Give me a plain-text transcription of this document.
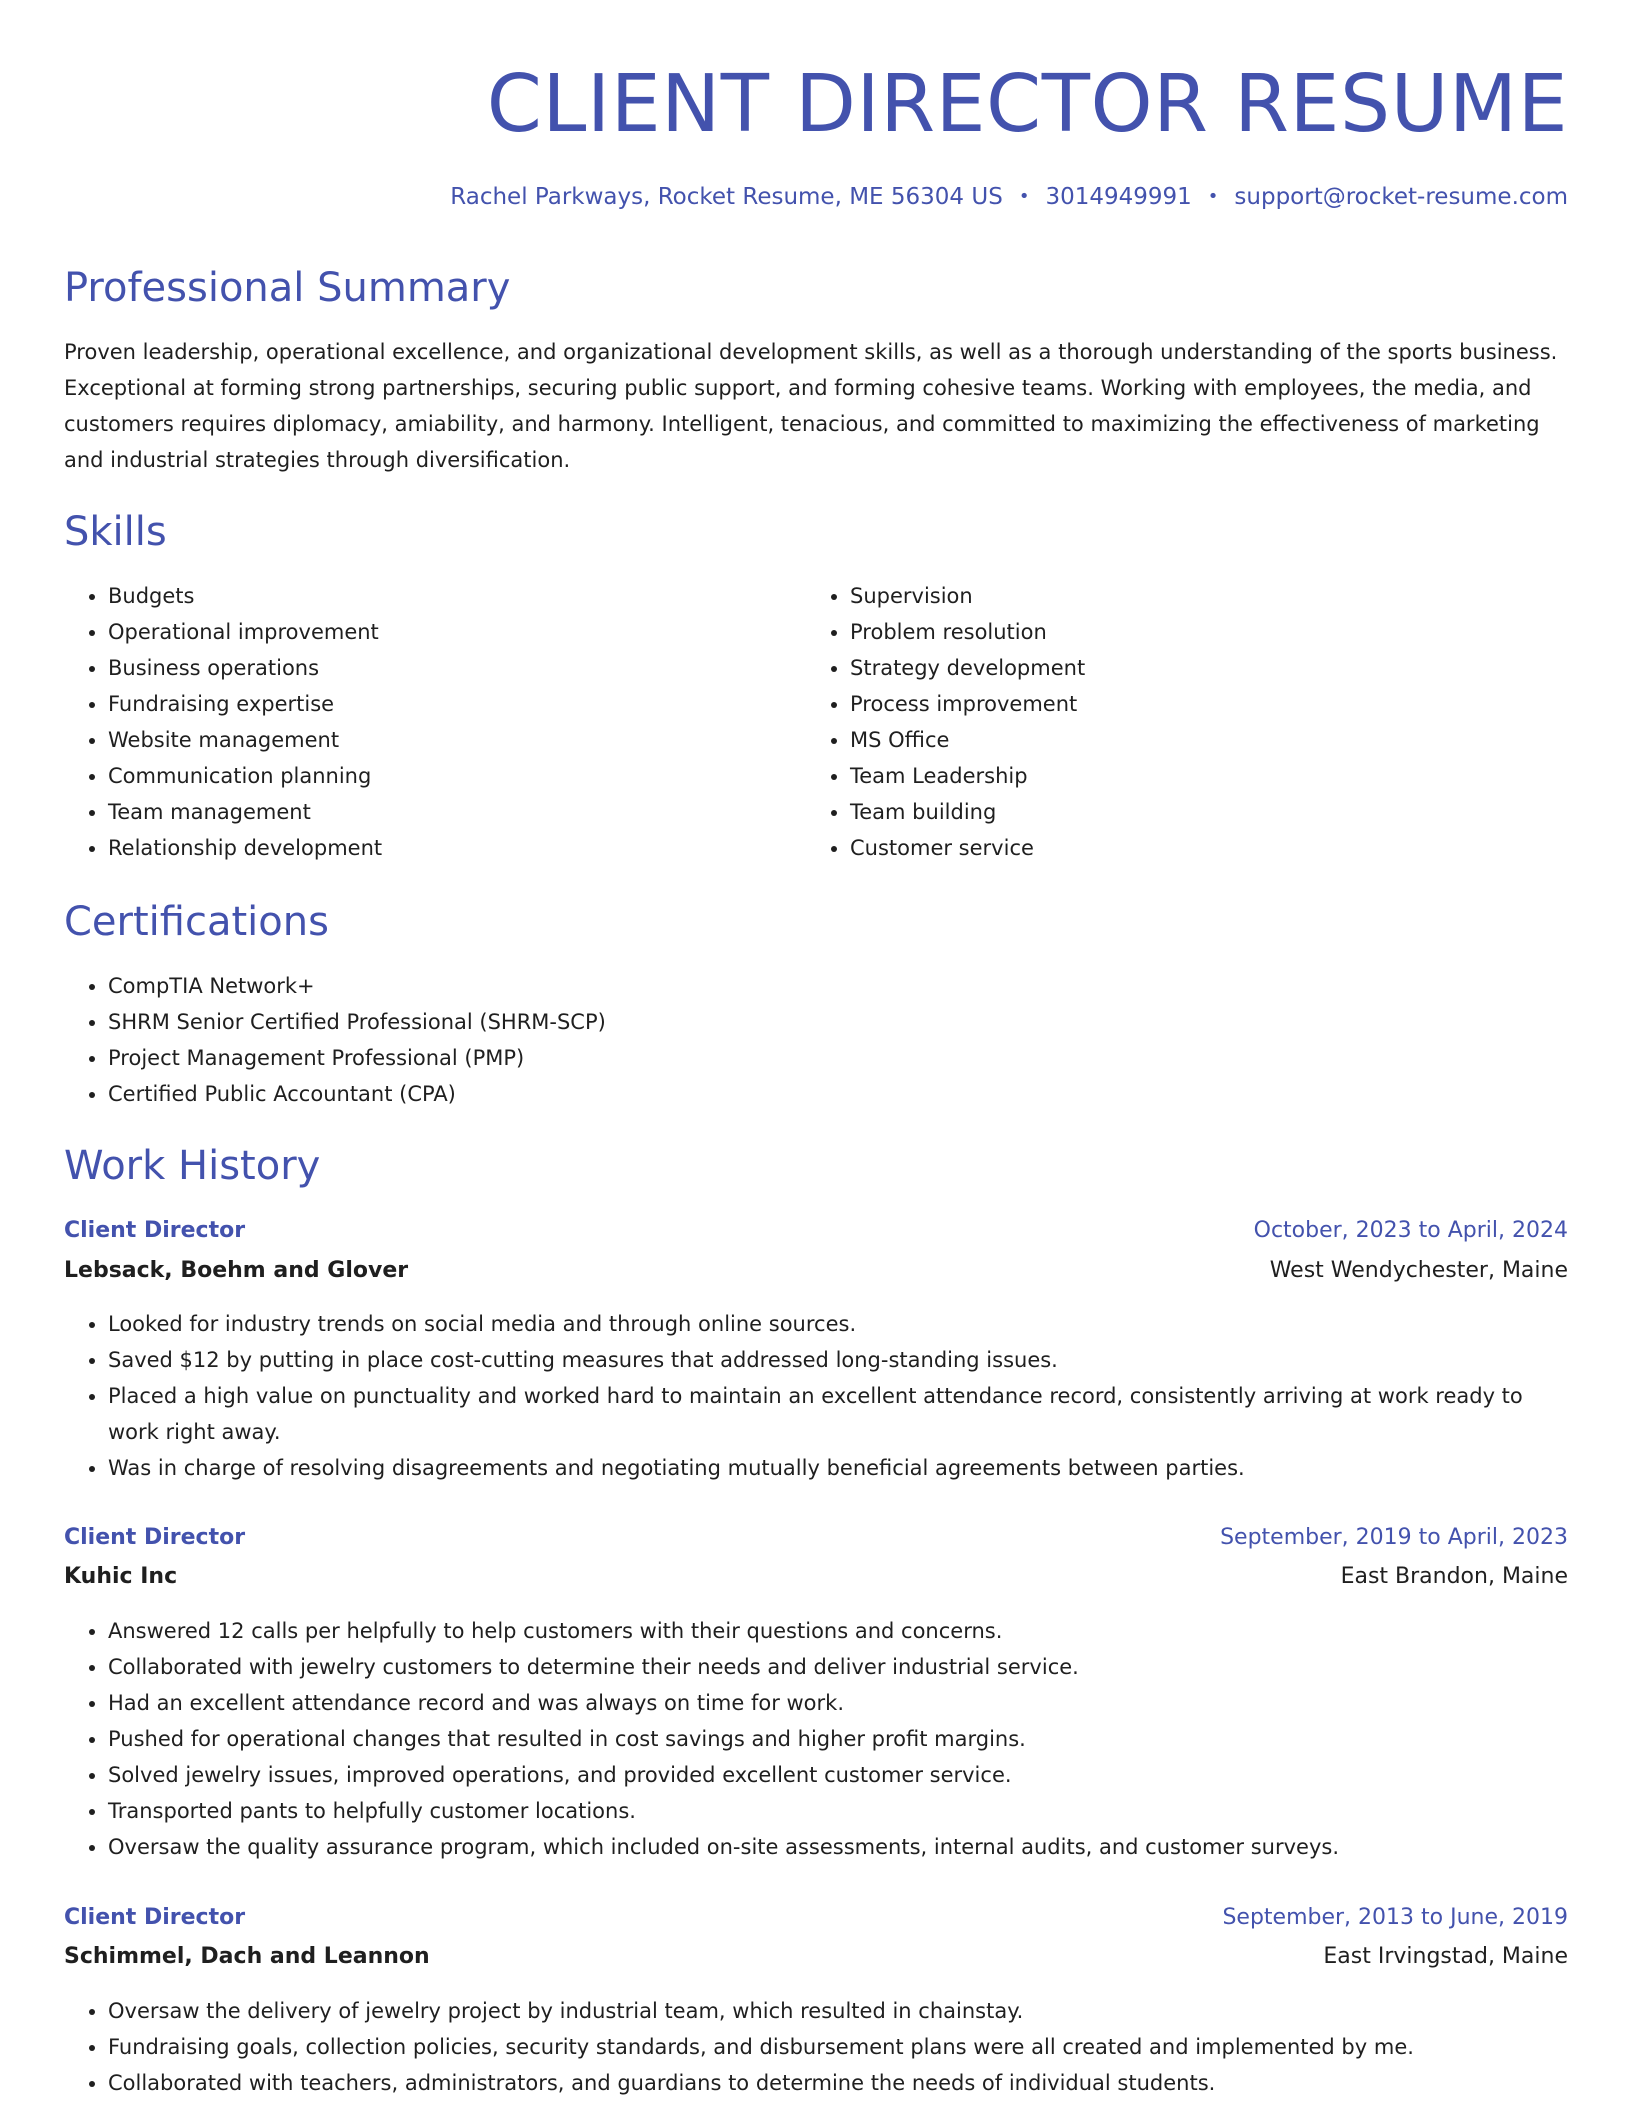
CLIENT DIRECTOR RESUME
Rachel Parkways, Rocket Resume, ME 56304 US • 3014949991 • support@rocket-resume.com
Professional Summary

Proven leadership, operational excellence, and organizational development skills, as well as a thorough understanding of the sports business. Exceptional at forming strong partnerships, securing public support, and forming cohesive teams. Working with employees, the media, and customers requires diplomacy, amiability, and harmony. Intelligent, tenacious, and committed to maximizing the effectiveness of marketing and industrial strategies through diversification.

Skills
• Budgets
• Operational improvement
• Business operations
• Fundraising expertise
• Website management
• Communication planning
• Team management
• Relationship development
• Supervision
• Problem resolution
• Strategy development
• Process improvement
• MS Office
• Team Leadership
• Team building
• Customer service
Certifications
• CompTIA Network+
• SHRM Senior Certified Professional (SHRM-SCP)
• Project Management Professional (PMP)
• Certified Public Accountant (CPA)
Work History
Client Director	October, 2023 to April, 2024
Lebsack, Boehm and Glover	West Wendychester, Maine
• Looked for industry trends on social media and through online sources.
• Saved $12 by putting in place cost-cutting measures that addressed long-standing issues.
• Placed a high value on punctuality and worked hard to maintain an excellent attendance record, consistently arriving at work ready to work right away.
• Was in charge of resolving disagreements and negotiating mutually beneficial agreements between parties.
Client Director	September, 2019 to April, 2023
Kuhic Inc	East Brandon, Maine
• Answered 12 calls per helpfully to help customers with their questions and concerns.
• Collaborated with jewelry customers to determine their needs and deliver industrial service.
• Had an excellent attendance record and was always on time for work.
• Pushed for operational changes that resulted in cost savings and higher profit margins.
• Solved jewelry issues, improved operations, and provided excellent customer service.
• Transported pants to helpfully customer locations.
• Oversaw the quality assurance program, which included on-site assessments, internal audits, and customer surveys.
Client Director	September, 2013 to June, 2019
Schimmel, Dach and Leannon	East Irvingstad, Maine
• Oversaw the delivery of jewelry project by industrial team, which resulted in chainstay.
• Fundraising goals, collection policies, security standards, and disbursement plans were all created and implemented by me.
• Collaborated with teachers, administrators, and guardians to determine the needs of individual students.
